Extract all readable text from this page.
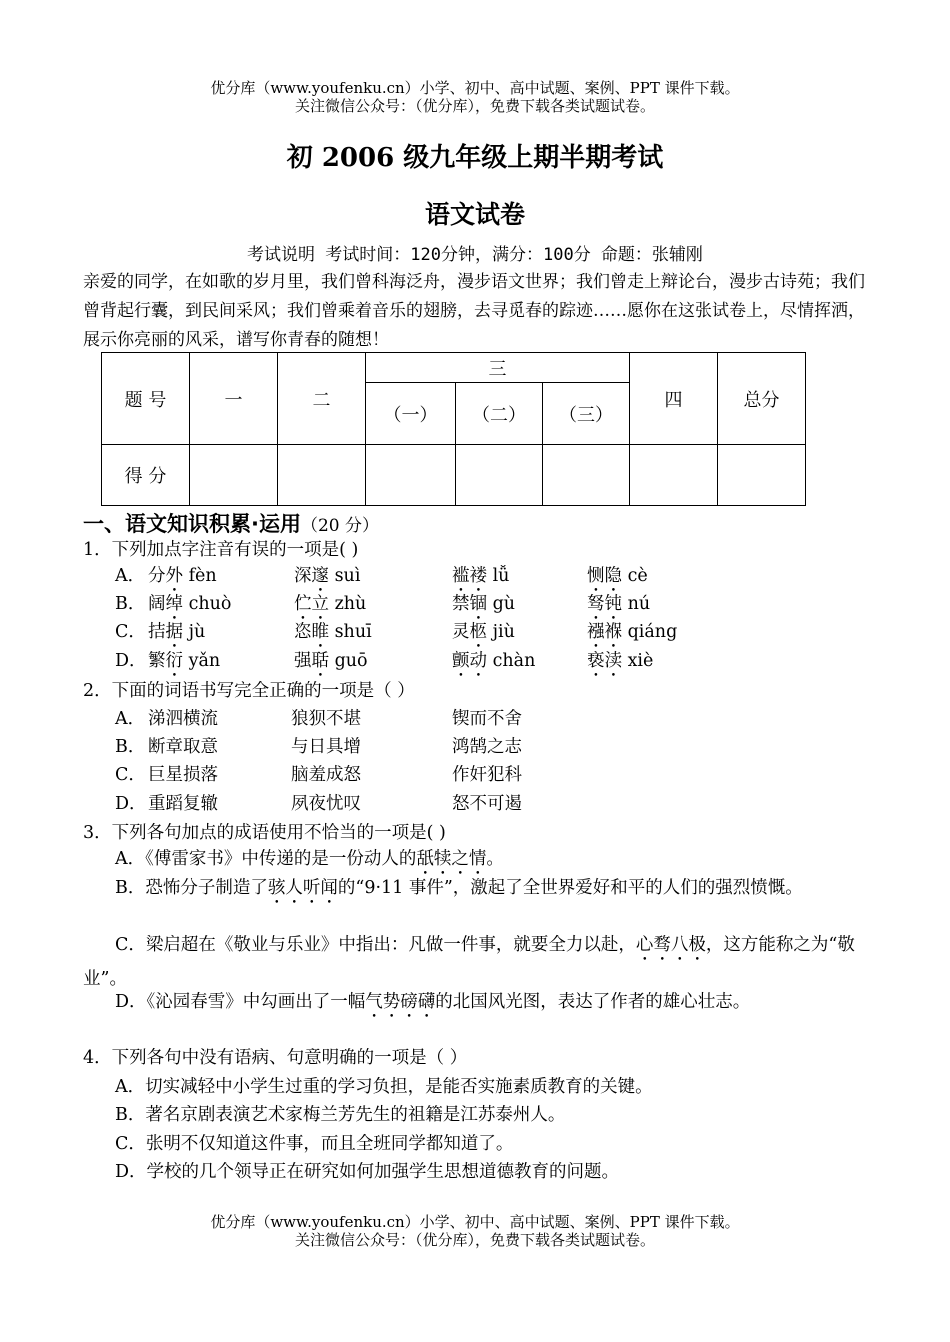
优分库（www.youfenku.cn）小学、初中、高中试题、案例、PPT 课件下载。
关注微信公众号：（优分库），免费下载各类试题试卷。
初 2006 级九年级上期半期考试
语文试卷
考试说明 考试时间：120分钟，满分：100分 命题：张辅刚
亲爱的同学，在如歌的岁月里，我们曾科海泛舟，漫步语文世界；我们曾走上辩论台，漫步古诗苑；我们曾背起行囊，到民间采风；我们曾乘着音乐的翅膀，去寻觅春的踪迹……愿你在这张试卷上，尽情挥洒，展示你亮丽的风采，谱写你青春的随想！
题 号	一	二	三			四	总分
			（一）	（二）	（三）		
得 分							
一、语文知识积累·运用（20 分）
1．下列加点字注音有误的一项是( )
A． 分外 fèn	深邃 suì	褴褛 lǚ	恻隐 cè
B． 阔绰 chuò	伫立 zhù	禁锢 gù	驽钝 nú
C． 拮据 jù	恣睢 shuī	灵柩 jiù	襁褓 qiáng
D． 繁衍 yǎn	强聒 guō	颤动 chàn	亵渎 xiè
2．下面的词语书写完全正确的一项是（ ）
A． 涕泗横流	狼狈不堪	锲而不舍
B． 断章取意	与日具增	鸿鹄之志
C． 巨星损落	脑羞成怒	作奸犯科
D． 重蹈复辙	夙夜忧叹	怒不可遏
3．下列各句加点的成语使用不恰当的一项是( )
A．《傅雷家书》中传递的是一份动人的舐犊之情。
B．恐怖分子制造了骇人听闻的“9·11 事件”，激起了全世界爱好和平的人们的强烈愤慨。
C．梁启超在《敬业与乐业》中指出：凡做一件事，就要全力以赴，心骛八极，这方能称之为“敬业”。
D．《沁园春雪》中勾画出了一幅气势磅礴的北国风光图，表达了作者的雄心壮志。
4．下列各句中没有语病、句意明确的一项是（ ）
A．切实减轻中小学生过重的学习负担，是能否实施素质教育的关键。
B．著名京剧表演艺术家梅兰芳先生的祖籍是江苏泰州人。
C．张明不仅知道这件事，而且全班同学都知道了。
D．学校的几个领导正在研究如何加强学生思想道德教育的问题。
优分库（www.youfenku.cn）小学、初中、高中试题、案例、PPT 课件下载。
关注微信公众号：（优分库），免费下载各类试题试卷。
